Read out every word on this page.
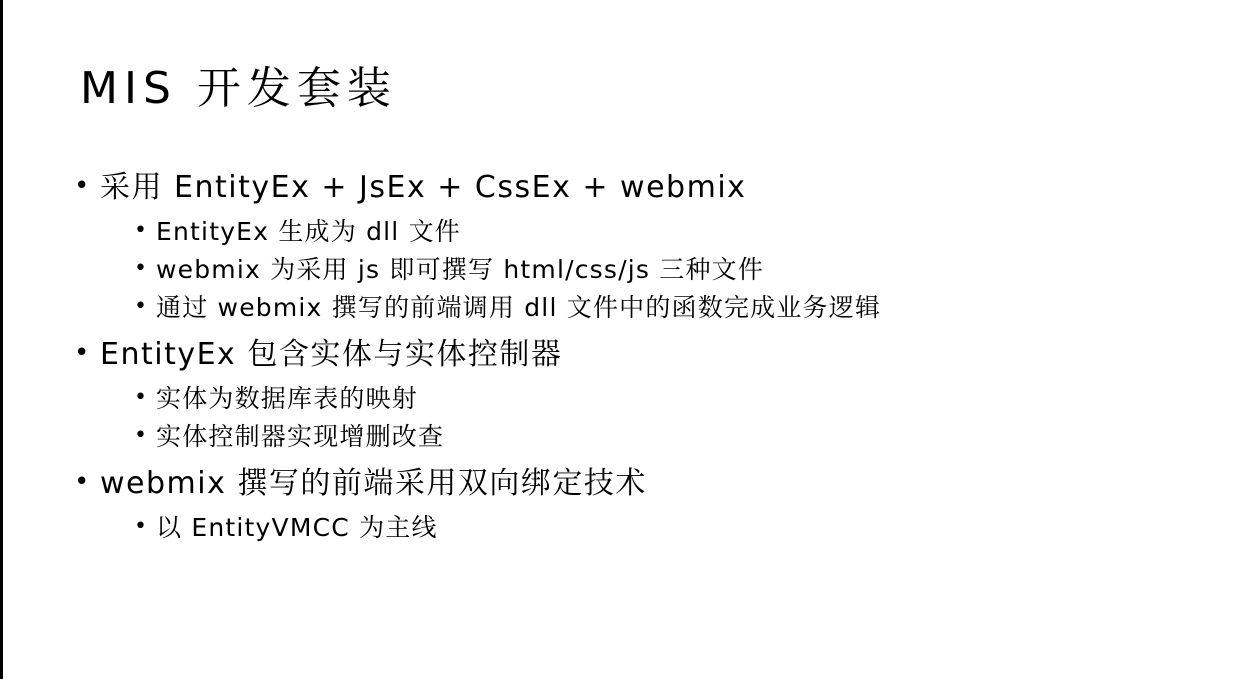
MIS 开发套装
• 采用 EntityEx + JsEx + CssEx + webmix
• EntityEx 生成为 dll 文件
• webmix 为采用 js 即可撰写 html/css/js 三种文件
• 通过 webmix 撰写的前端调用 dll 文件中的函数完成业务逻辑
• EntityEx 包含实体与实体控制器
• 实体为数据库表的映射
• 实体控制器实现增删改查
• webmix 撰写的前端采用双向绑定技术
• 以 EntityVMCC 为主线
